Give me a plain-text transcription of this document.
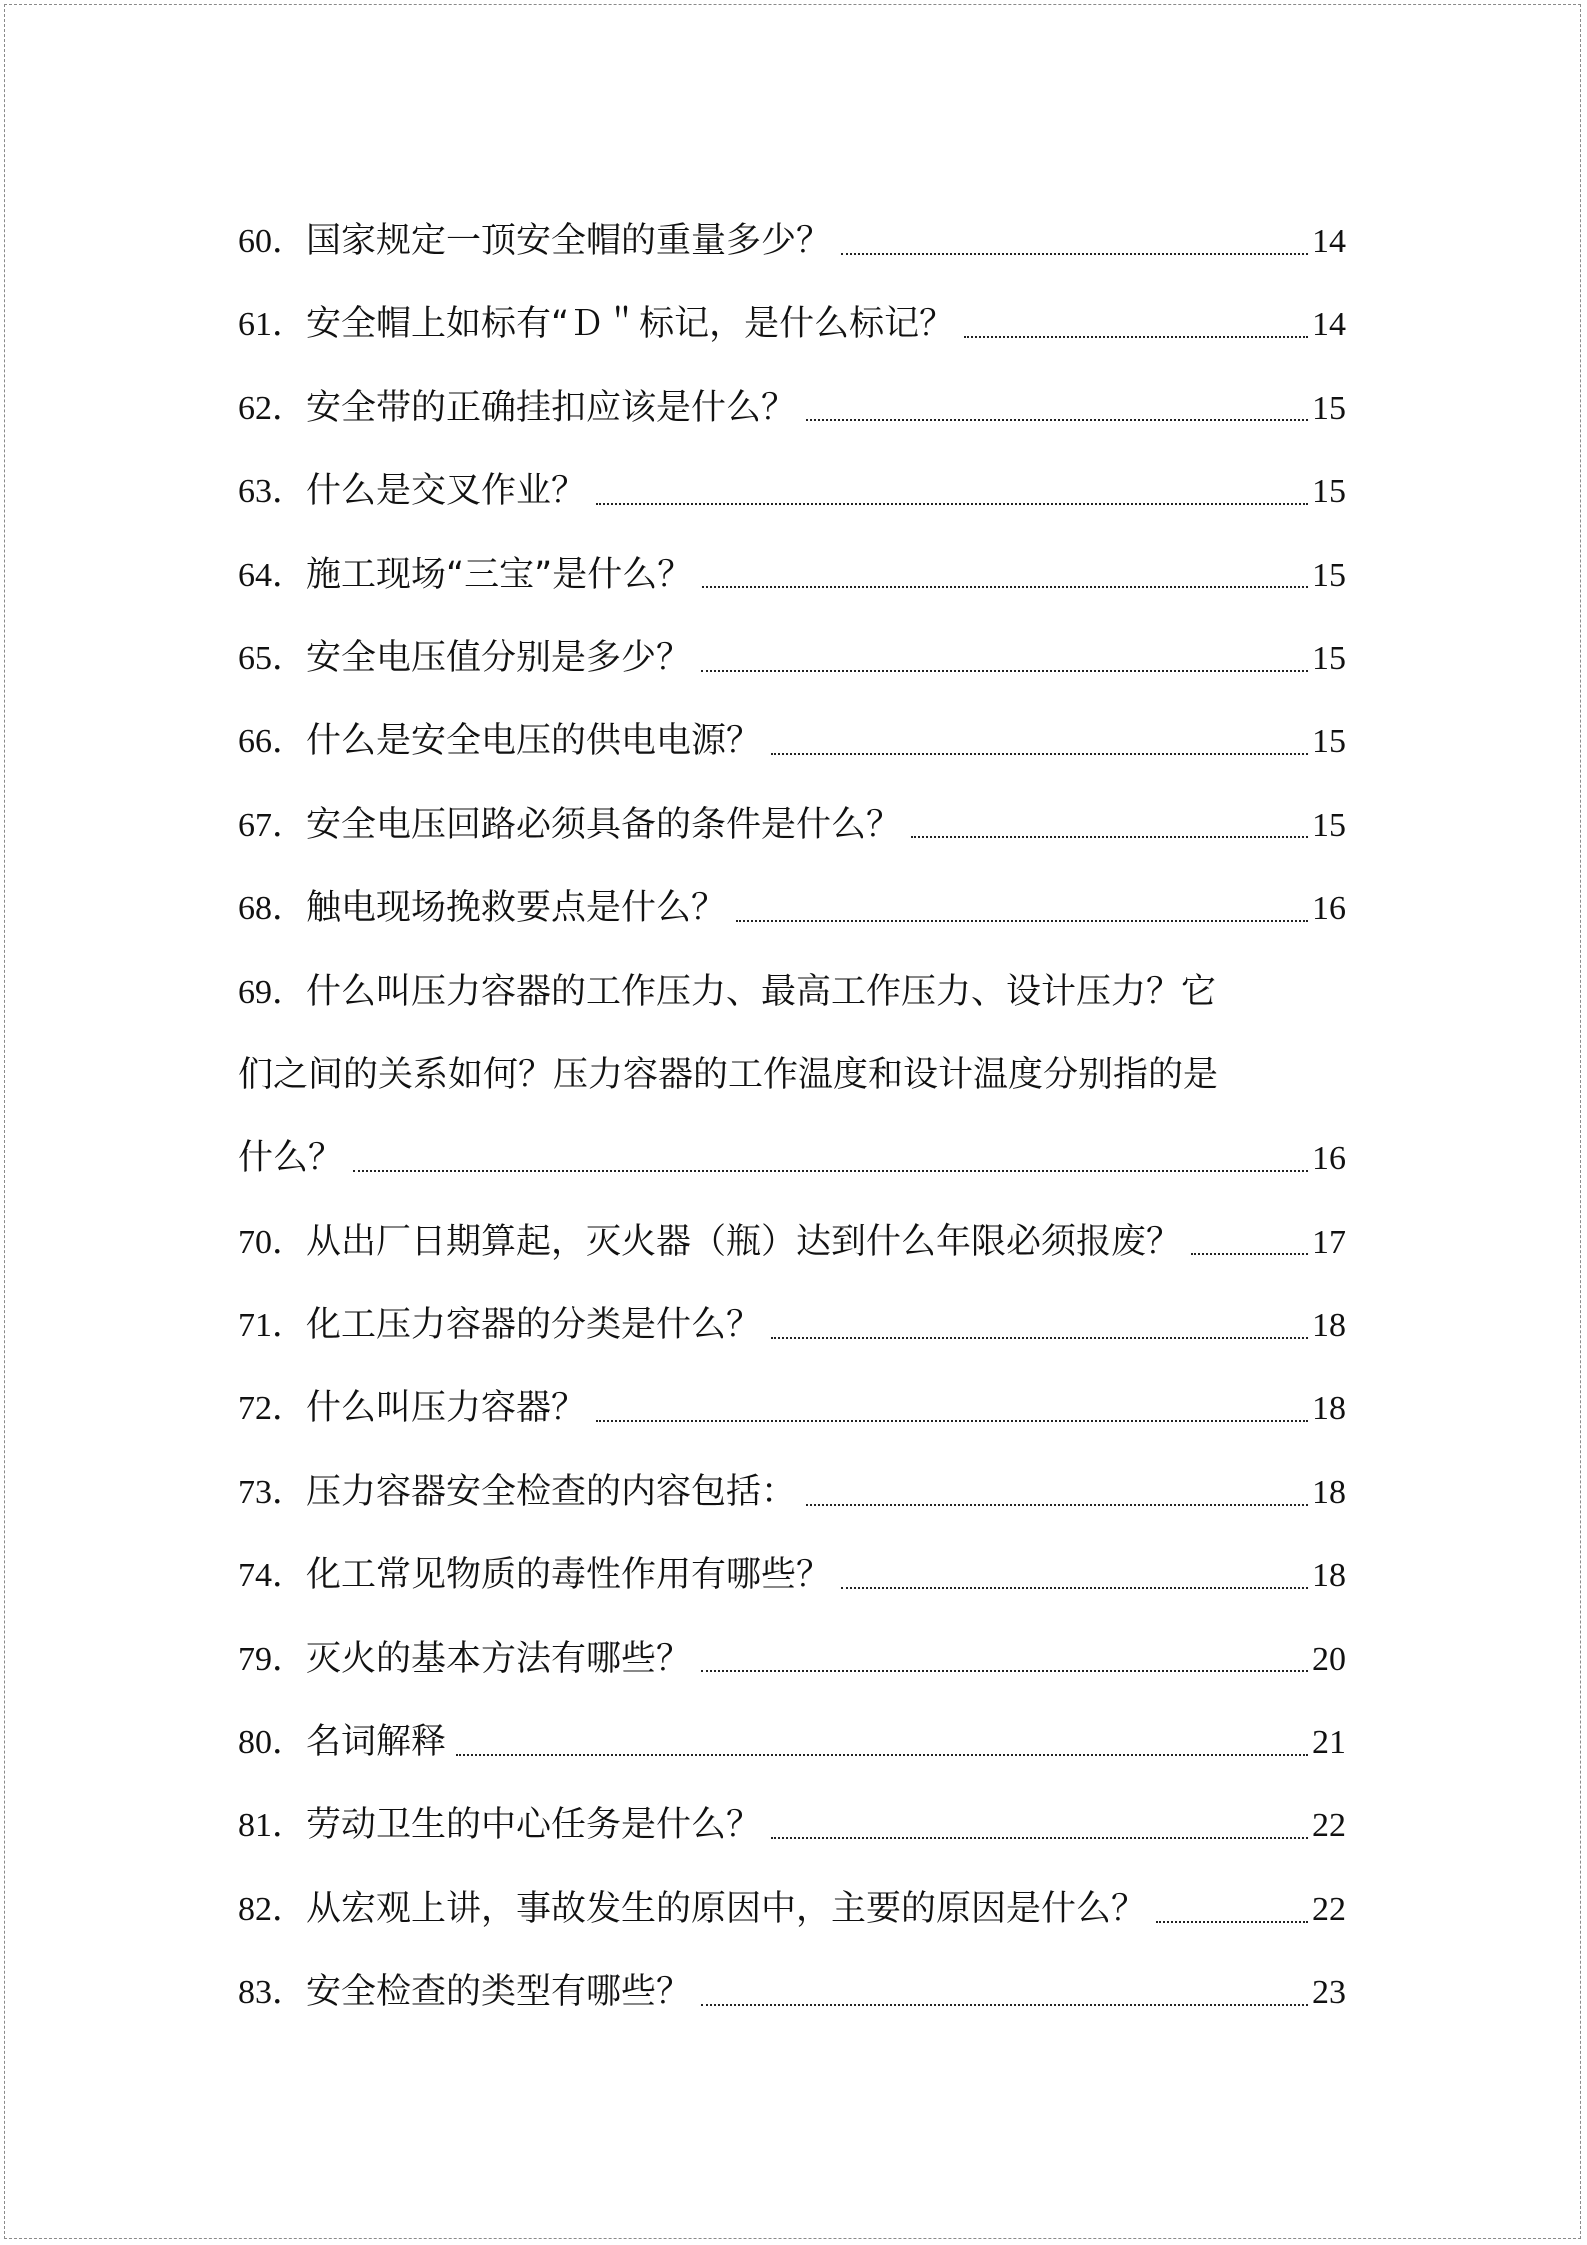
60． 国家规定一顶安全帽的重量多少？	14
61． 安全帽上如标有“Ｄ＂标记，是什么标记？	14
62． 安全带的正确挂扣应该是什么？	15
63． 什么是交叉作业？	15
64． 施工现场“三宝”是什么？	15
65． 安全电压值分别是多少？	15
66． 什么是安全电压的供电电源？	15
67． 安全电压回路必须具备的条件是什么？	15
68． 触电现场挽救要点是什么？	16
69． 什么叫压力容器的工作压力、最高工作压力、设计压力？它
们之间的关系如何？压力容器的工作温度和设计温度分别指的是
什么？	16
70． 从出厂日期算起，灭火器（瓶）达到什么年限必须报废？	17
71． 化工压力容器的分类是什么？	18
72． 什么叫压力容器？	18
73． 压力容器安全检查的内容包括：	18
74． 化工常见物质的毒性作用有哪些？	18
79． 灭火的基本方法有哪些？	20
80． 名词解释	21
81． 劳动卫生的中心任务是什么？	22
82． 从宏观上讲，事故发生的原因中，主要的原因是什么？	22
83． 安全检查的类型有哪些？	23
